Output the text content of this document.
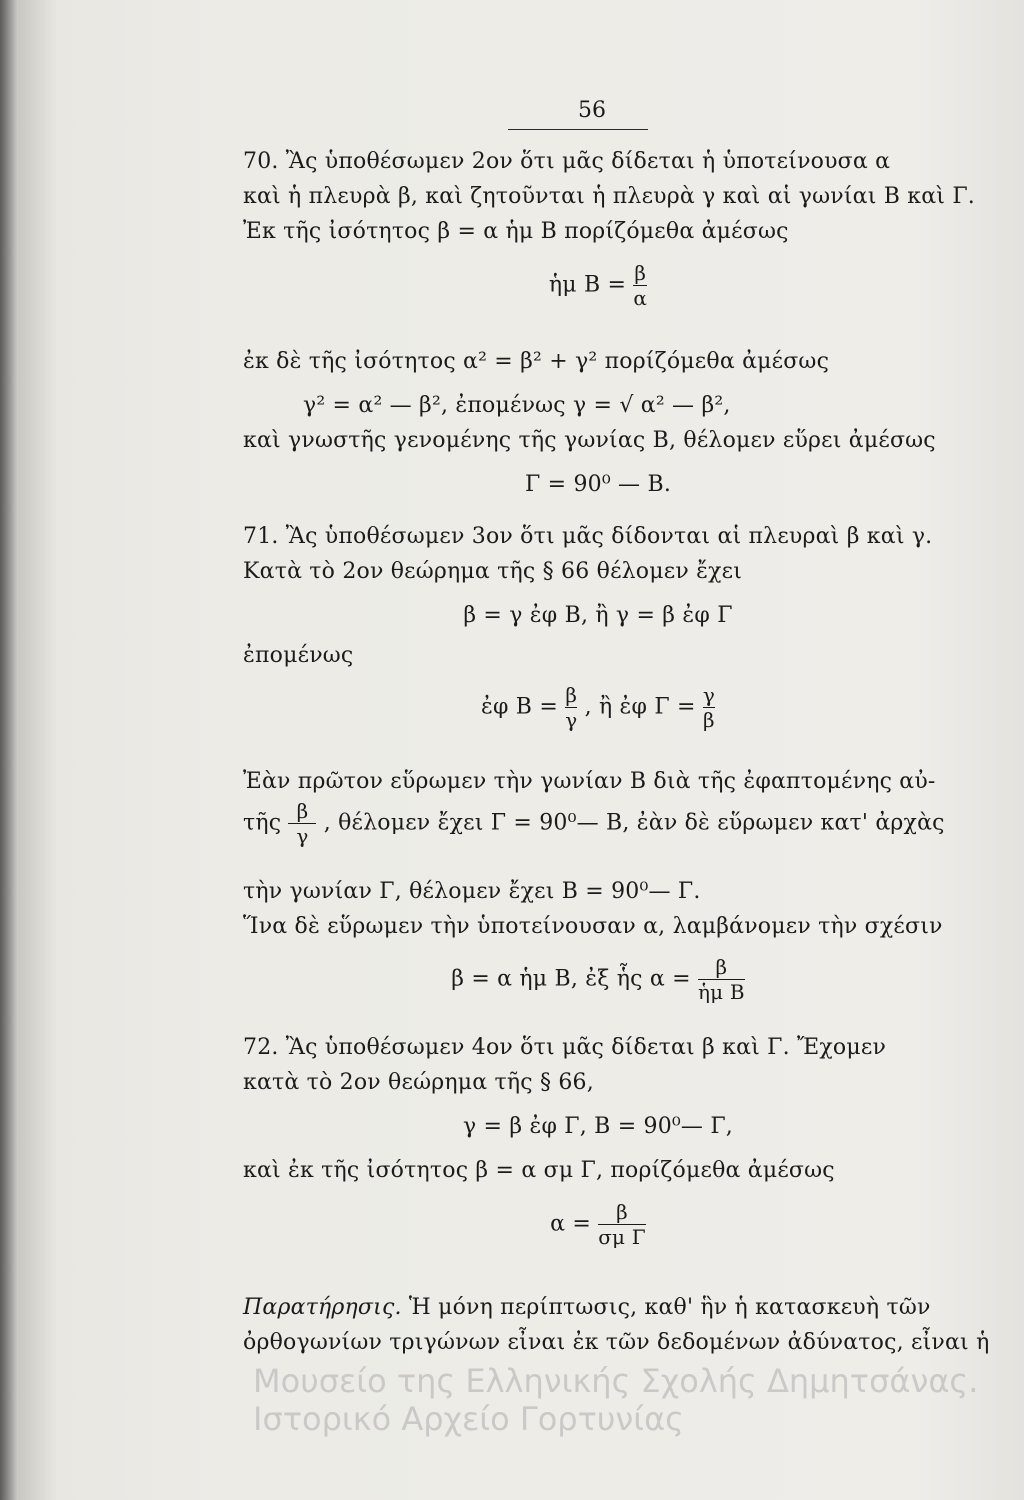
56
70. Ἂς ὑποθέσωμεν 2ον ὅτι μᾶς δίδεται ἡ ὑποτείνουσα α
καὶ ἡ πλευρὰ β, καὶ ζητοῦνται ἡ πλευρὰ γ καὶ αἱ γωνίαι Β καὶ Γ.
Ἐκ τῆς ἰσότητος β = α ἡμ Β πορίζόμεθα ἀμέσως
ἡμ $B = \frac{\beta}{\alpha}$
ἐκ δὲ τῆς ἰσότητος α² = β² + γ² πορίζόμεθα ἀμέσως
γ² = α² — β², ἐπομένως γ = √ α² — β²,
καὶ γνωστῆς γενομένης τῆς γωνίας Β, θέλομεν εὕρει ἀμέσως
Γ = 90⁰ — Β.
71. Ἂς ὑποθέσωμεν 3ον ὅτι μᾶς δίδονται αἱ πλευραὶ β καὶ γ.
Κατὰ τὸ 2ον θεώρημα τῆς § 66 θέλομεν ἔχει
β = γ ἐφ Β, ἢ γ = β ἐφ Γ
ἐπομένως
ἐφ $B = \frac{\beta}{\gamma}$ , ἢ ἐφ $\Gamma = \frac{\gamma}{\beta}$
Ἐὰν πρῶτον εὕρωμεν τὴν γωνίαν Β διὰ τῆς ἐφαπτομένης αὐ-
τῆς $\frac{\beta}{\gamma}$ , θέλομεν ἔχει Γ = 90⁰— Β, ἐὰν δὲ εὕρωμεν κατ' ἀρχὰς
τὴν γωνίαν Γ, θέλομεν ἔχει Β = 90⁰— Γ.
Ἵνα δὲ εὕρωμεν τὴν ὑποτείνουσαν α, λαμβάνομεν τὴν σχέσιν
β = α ἡμ Β, ἐξ ἧς $\alpha = \frac{\beta}{\text{ἡμ Β}}$
72. Ἂς ὑποθέσωμεν 4ον ὅτι μᾶς δίδεται β καὶ Γ. Ἔχομεν
κατὰ τὸ 2ον θεώρημα τῆς § 66,
γ = β ἐφ Γ, Β = 90⁰— Γ,
καὶ ἐκ τῆς ἰσότητος β = α σμ Γ, πορίζόμεθα ἀμέσως
$\alpha = \frac{\beta}{\text{σμ Γ}}$
Παρατήρησις. Ἡ μόνη περίπτωσις, καθ' ἣν ἡ κατασκευὴ τῶν
ὀρθογωνίων τριγώνων εἶναι ἐκ τῶν δεδομένων ἀδύνατος, εἶναι ἡ
Μουσείο της Ελληνικής Σχολής Δημητσάνας.
Ιστορικό Αρχείο Γορτυνίας
